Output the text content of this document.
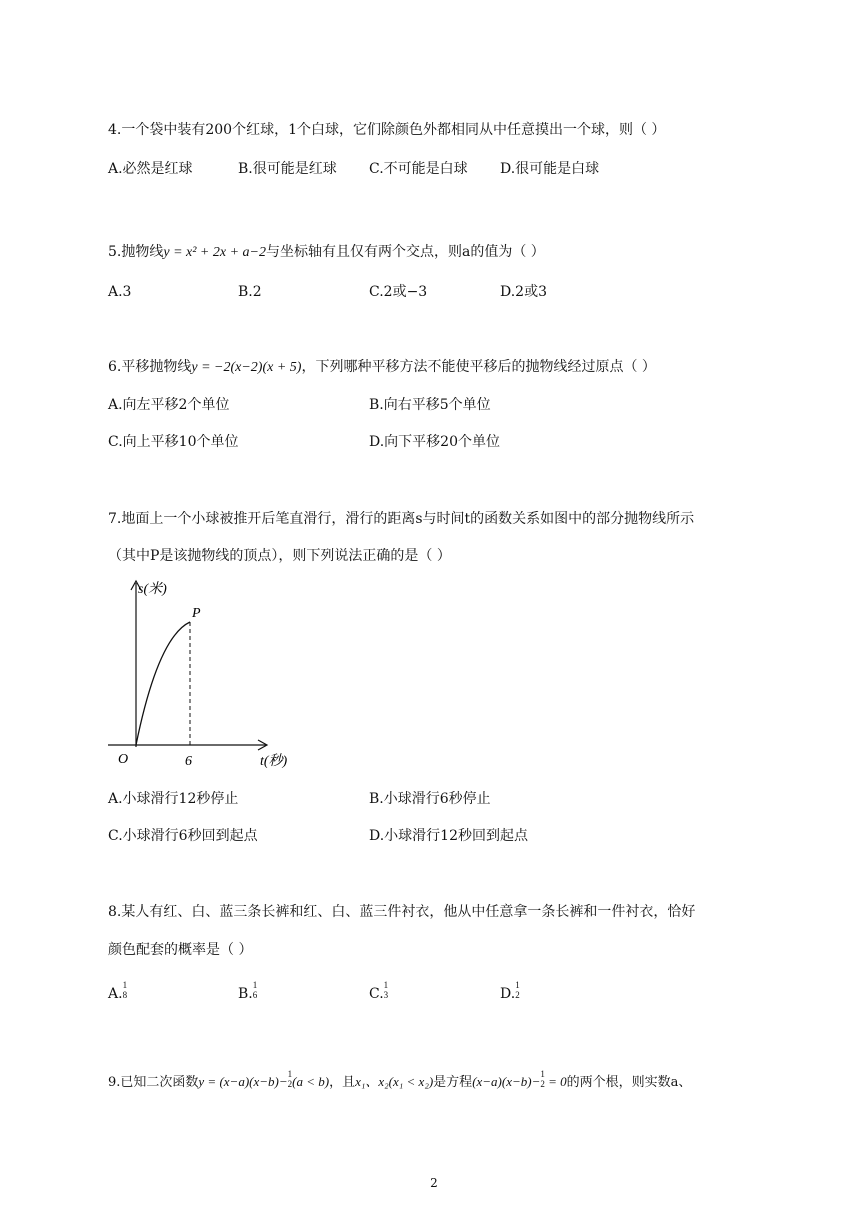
4.一个袋中装有200个红球，1个白球，它们除颜色外都相同从中任意摸出一个球，则（ ）
A.必然是红球	B.很可能是红球 C.不可能是白球 D.很可能是白球
5.抛物线y = x² + 2x + a−2与坐标轴有且仅有两个交点，则a的值为（ ）
A.3	B.2	C.2或−3	D.2或3
6.平移抛物线y = −2(x−2)(x + 5)，下列哪种平移方法不能使平移后的抛物线经过原点（ ）
A.向左平移2个单位	B.向右平移5个单位
C.向上平移10个单位	D.向下平移20个单位
7.地面上一个小球被推开后笔直滑行，滑行的距离s与时间t的函数关系如图中的部分抛物线所示
（其中P是该抛物线的顶点），则下列说法正确的是（ ）
s(米)
P
O	6	t(秒)
A.小球滑行12秒停止	B.小球滑行6秒停止
C.小球滑行6秒回到起点	D.小球滑行12秒回到起点
8.某人有红、白、蓝三条长裤和红、白、蓝三件衬衣，他从中任意拿一条长裤和一件衬衣，恰好
颜色配套的概率是（ ）
A.
1
8	B.
1
6	C.
1
3	D.
1
2
9.已知二次函数y = (x−a)(x−b)−
1
2 (a < b)，且x₁、x₂(x₁ < x₂)是方程(x−a)(x−b)−
1
2 = 0的两个根，则实数a、
2
